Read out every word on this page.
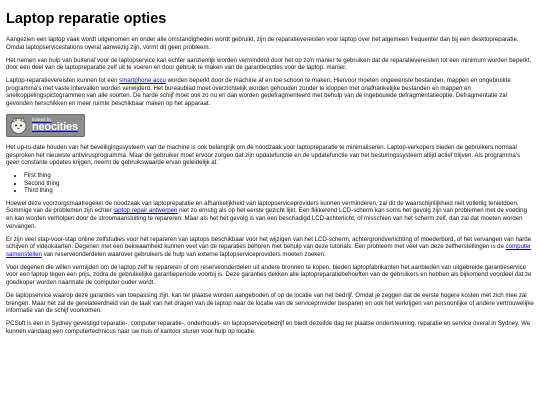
Laptop reparatie opties

Aangezien een laptop vaak wordt uitgenomen en onder alle omstandigheden wordt gebruikt, zijn de reparatievereisten voor laptop over het algemeen frequenter dan bij een desktopreparatie. Omdat laptopservicestations overal aanwezig zijn, vormt dit geen probleem.

Het nemen van hulp van buitenaf voor de laptopservice kan echter aanzienlijk worden verminderd door het op zo'n manier te gebruiken dat de reparatievereisten tot een minimum worden beperkt, door een deel van de laptopreparatie zelf uit te voeren en door gebruik te maken van de garantieopties voor de laptop. manier.

Laptop-reparatievereisten kunnen tot een smartphone accu worden beperkt door de machine af en toe schoon te maken. Hiervoor moeten ongewenste bestanden, mappen en ongebruikte programma's met vaste intervallen worden verwijderd. Het bureaublad moet overzichtelijk worden gehouden zonder te kloppen met onafhankelijke bestanden en mappen en snelkoppelingspictogrammen van alle soorten. De harde schijf moet ook zo nu en dan worden gedefragmenteerd met behulp van de ingebouwde defragmentatieoptie. Defragmentatie zal gevonden herschikken en meer ruimte beschikbaar maken op het apparaat.

hosted by
neocities

Het up-to-date houden van het beveiligingssysteem van de machine is ook belangrijk om de noodzaak voor laptopreparatie te minimaliseren. Laptop-verkopers bieden de gebruikers normaal gesproken het nieuwste antivirusprogramma. Maar de gebruiker moet ervoor zorgen dat zijn updatefunctie en de updatefunctie van het besturingssysteem altijd actief blijven. Als programma's geen constante updates krijgen, neemt de gebruikswaarde ervan geleidelijk af.

• First thing
• Second thing
• Third thing

Hoewel deze voorzorgsmaatregelen de noodzaak van laptopreparatie en afhankelijkheid van laptopserviceproviders kunnen verminderen, zal dit de waarschijnlijkheid niet volledig tenietdoen. Sommige van de problemen zijn echter laptop repair antwerpen niet zo ernstig als op het eerste gezicht lijkt. Een flikkerend LCD-scherm kan soms het gevolg zijn van problemen met de voeding en kan worden verholpen door de stroomaansluiting te repareren. Maar als het het gevolg is van een beschadigd LCD-achterlicht, of misschien van het scherm zelf, dan zal dat moeten worden vervangen.

Er zijn veel stap-voor-stap online zelfstudies voor het repareren van laptops beschikbaar voor het wijzigen van het LCD-scherm, achtergrondverlichting of moederbord, of het vervangen van harde schijven of videokaarten. Degenen met een bekwaamheid kunnen veel van de reparaties behoren met behulp van deze tutorials. Een probleem met veel van deze zelfherstellingen is de computer samenstellen van reserveonderdelen waarover gebruikers de hulp van externe laptopserviceproviders moeten zoeken.

Voor degenen die willen vermijden om de laptop zelf te repareren of om reserveonderdelen uit andere bronnen te kopen, bieden laptopfabrikanten het aanbieden van uitgebreide garantieservice voor een laptop tegen een prijs, zodra de gebruikelijke garantieperiode voorbij is. Deze garanties dekken alle laptopreparatiebehoeften van de gebruikers en hebben als bijkomend voordeel dat ze goedkoper worden naarmate de computer ouder wordt.

De laptopservice waarop deze garanties van toepassing zijn, kan ter plaatse worden aangeboden of op de locatie van het bedrijf. Omdat je zeggen dat de eerste hogere kosten met zich mee zal brengen. Maar het zal de gerelateerdheid van de taak van het dragen van de laptop naar de locatie van de serviceprovider besparen en ook het verkrijgen van persoonlijke of andere vertrouwelijke informatie van de schijf voorkomen.

PCSoft is een in Sydney gevestigd reparatie-, computer reparatie-, onderhouds- en laptopservicebedrijf en biedt dezelfde dag ter plaatse ondersteuning, reparatie en service overal in Sydney. We kunnen vandaag een computertechnicus naar uw huis of kantoor sturen voor hulp op locatie.
